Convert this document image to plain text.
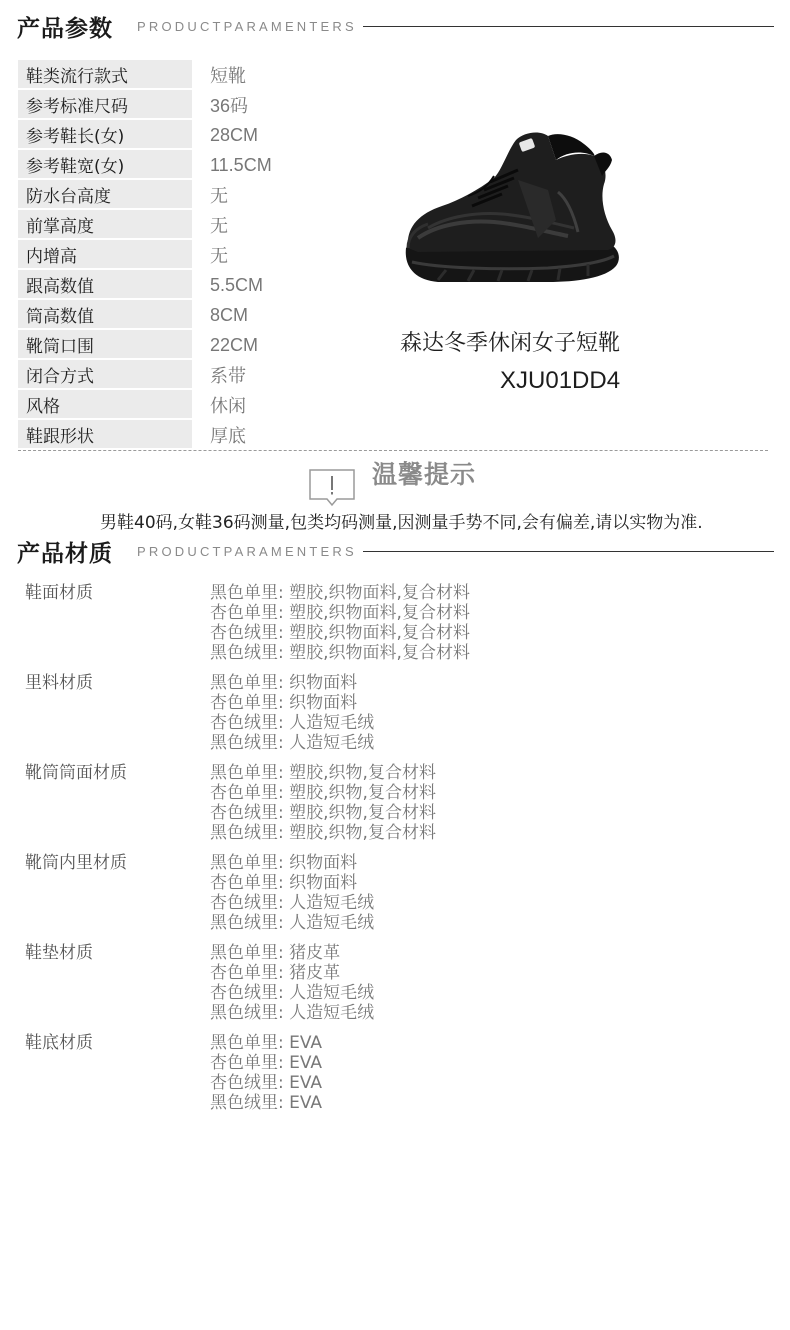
产品参数 PRODUCTPARAMENTERS
鞋类流行款式	短靴
参考标准尺码	36码
参考鞋长(女)	28CM
参考鞋宽(女)	11.5CM
防水台高度	无
前掌高度	无
内增高	无
跟高数值	5.5CM
筒高数值	8CM
靴筒口围	22CM
闭合方式	系带
风格	休闲
鞋跟形状	厚底
森达冬季休闲女子短靴
XJU01DD4
温馨提示
男鞋40码,女鞋36码测量,包类均码测量,因测量手势不同,会有偏差,请以实物为准.
产品材质 PRODUCTPARAMENTERS
鞋面材质	黑色单里: 塑胶,织物面料,复合材料
杏色单里: 塑胶,织物面料,复合材料
杏色绒里: 塑胶,织物面料,复合材料
黑色绒里: 塑胶,织物面料,复合材料
里料材质	黑色单里: 织物面料
杏色单里: 织物面料
杏色绒里: 人造短毛绒
黑色绒里: 人造短毛绒
靴筒筒面材质	黑色单里: 塑胶,织物,复合材料
杏色单里: 塑胶,织物,复合材料
杏色绒里: 塑胶,织物,复合材料
黑色绒里: 塑胶,织物,复合材料
靴筒内里材质	黑色单里: 织物面料
杏色单里: 织物面料
杏色绒里: 人造短毛绒
黑色绒里: 人造短毛绒
鞋垫材质	黑色单里: 猪皮革
杏色单里: 猪皮革
杏色绒里: 人造短毛绒
黑色绒里: 人造短毛绒
鞋底材质	黑色单里: EVA
杏色单里: EVA
杏色绒里: EVA
黑色绒里: EVA
